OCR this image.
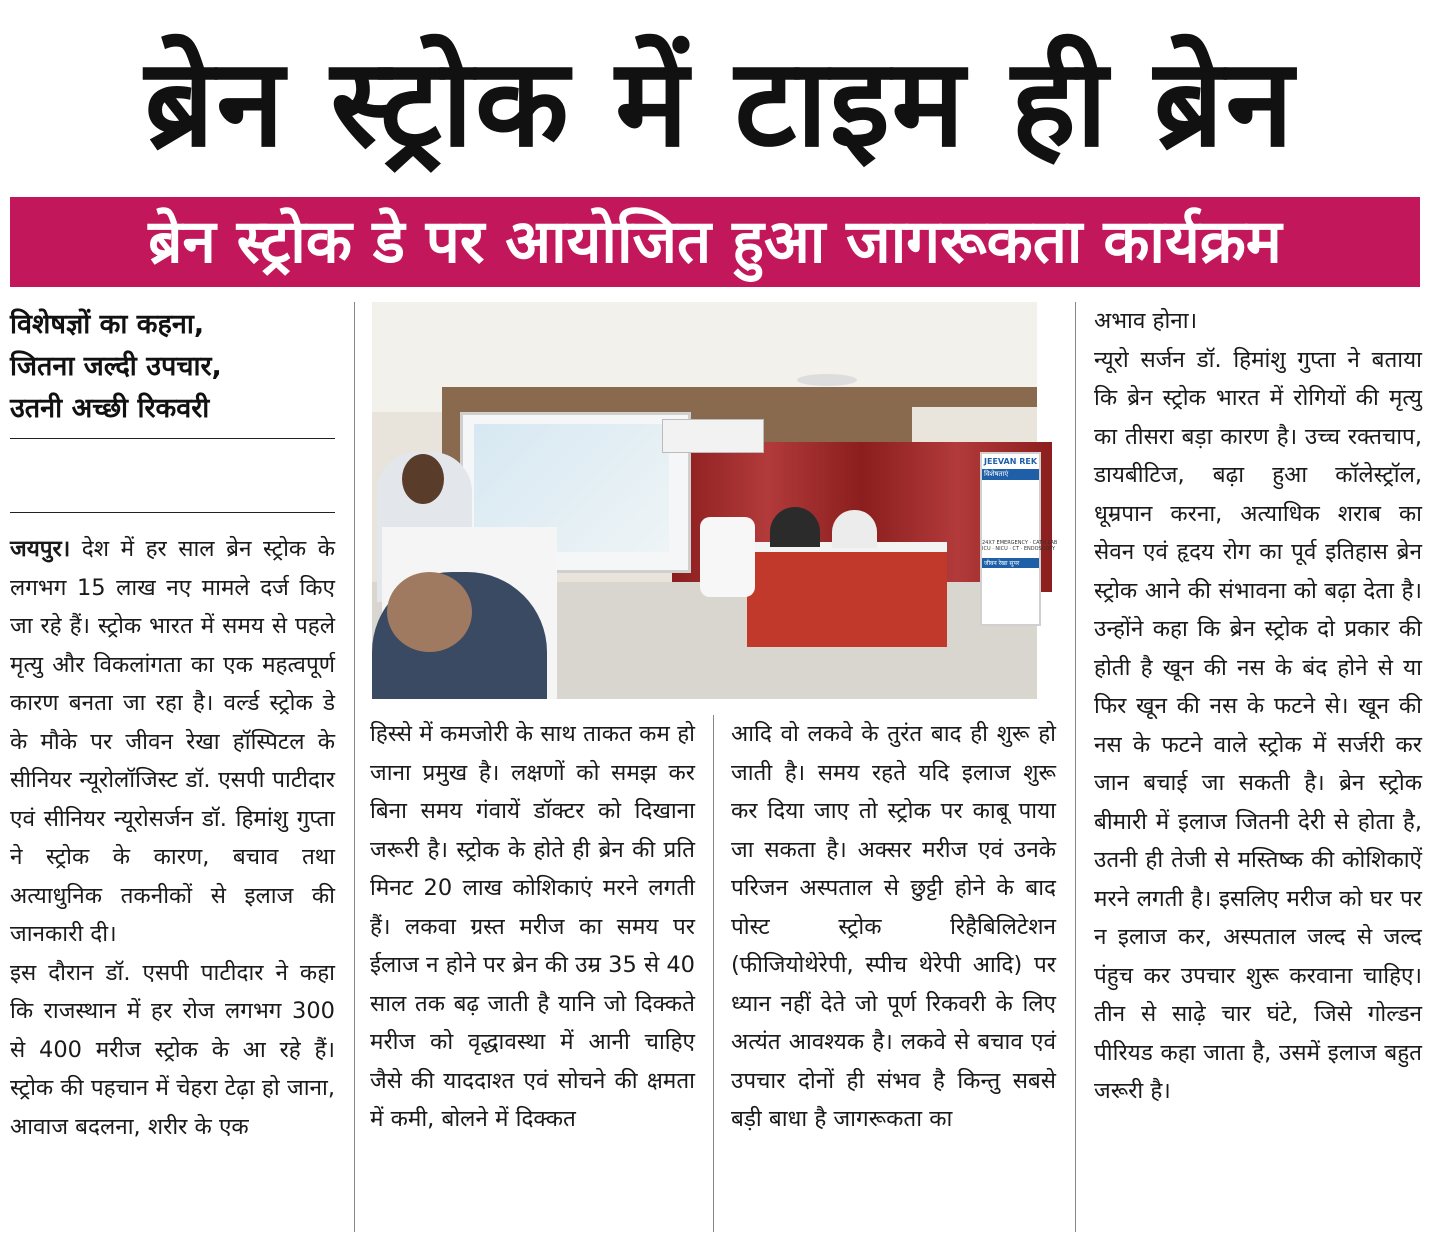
ब्रेन स्ट्रोक में टाइम ही ब्रेन
ब्रेन स्ट्रोक डे पर आयोजित हुआ जागरूकता कार्यक्रम
विशेषज्ञों का कहना,
जितना जल्दी उपचार,
उतनी अच्छी रिकवरी
JEEVAN REK
विशेषताएं
24X7 EMERGENCY · CATH LAB
ICU · NICU · CT · ENDOSCOPY
जीवन रेखा सुपर

जयपुर। देश में हर साल ब्रेन स्ट्रोक के लगभग 15 लाख नए मामले दर्ज किए जा रहे हैं। स्ट्रोक भारत में समय से पहले मृत्यु और विकलांगता का एक महत्वपूर्ण कारण बनता जा रहा है। वर्ल्ड स्ट्रोक डे के मौके पर जीवन रेखा हॉस्पिटल के सीनियर न्यूरोलॉजिस्ट डॉ. एसपी पाटीदार एवं सीनियर न्यूरोसर्जन डॉ. हिमांशु गुप्ता ने स्ट्रोक के कारण, बचाव तथा अत्याधुनिक तकनीकों से इलाज की जानकारी दी।

इस दौरान डॉ. एसपी पाटीदार ने कहा कि राजस्थान में हर रोज लगभग 300 से 400 मरीज स्ट्रोक के आ रहे हैं। स्ट्रोक की पहचान में चेहरा टेढ़ा हो जाना, आवाज बदलना, शरीर के एक

हिस्से में कमजोरी के साथ ताकत कम हो जाना प्रमुख है। लक्षणों को समझ कर बिना समय गंवायें डॉक्टर को दिखाना जरूरी है। स्ट्रोक के होते ही ब्रेन की प्रति मिनट 20 लाख कोशिकाएं मरने लगती हैं। लकवा ग्रस्त मरीज का समय पर ईलाज न होने पर ब्रेन की उम्र 35 से 40 साल तक बढ़ जाती है यानि जो दिक्कते मरीज को वृद्धावस्था में आनी चाहिए जैसे की याददाश्त एवं सोचने की क्षमता में कमी, बोलने में दिक्कत

आदि वो लकवे के तुरंत बाद ही शुरू हो जाती है। समय रहते यदि इलाज शुरू कर दिया जाए तो स्ट्रोक पर काबू पाया जा सकता है। अक्सर मरीज एवं उनके परिजन अस्पताल से छुट्टी होने के बाद पोस्ट स्ट्रोक रिहैबिलिटेशन (फीजियोथेरेपी, स्पीच थेरेपी आदि) पर ध्यान नहीं देते जो पूर्ण रिकवरी के लिए अत्यंत आवश्यक है। लकवे से बचाव एवं उपचार दोनों ही संभव है किन्तु सबसे बड़ी बाधा है जागरूकता का

अभाव होना।

न्यूरो सर्जन डॉ. हिमांशु गुप्ता ने बताया कि ब्रेन स्ट्रोक भारत में रोगियों की मृत्यु का तीसरा बड़ा कारण है। उच्च रक्तचाप, डायबीटिज, बढ़ा हुआ कॉलेस्ट्रॉल, धूम्रपान करना, अत्याधिक शराब का सेवन एवं हृदय रोग का पूर्व इतिहास ब्रेन स्ट्रोक आने की संभावना को बढ़ा देता है। उन्होंने कहा कि ब्रेन स्ट्रोक दो प्रकार की होती है खून की नस के बंद होने से या फिर खून की नस के फटने से। खून की नस के फटने वाले स्ट्रोक में सर्जरी कर जान बचाई जा सकती है। ब्रेन स्ट्रोक बीमारी में इलाज जितनी देरी से होता है, उतनी ही तेजी से मस्तिष्क की कोशिकाऐं मरने लगती है। इसलिए मरीज को घर पर न इलाज कर, अस्पताल जल्द से जल्द पंहुच कर उपचार शुरू करवाना चाहिए। तीन से साढ़े चार घंटे, जिसे गोल्डन पीरियड कहा जाता है, उसमें इलाज बहुत जरूरी है।
